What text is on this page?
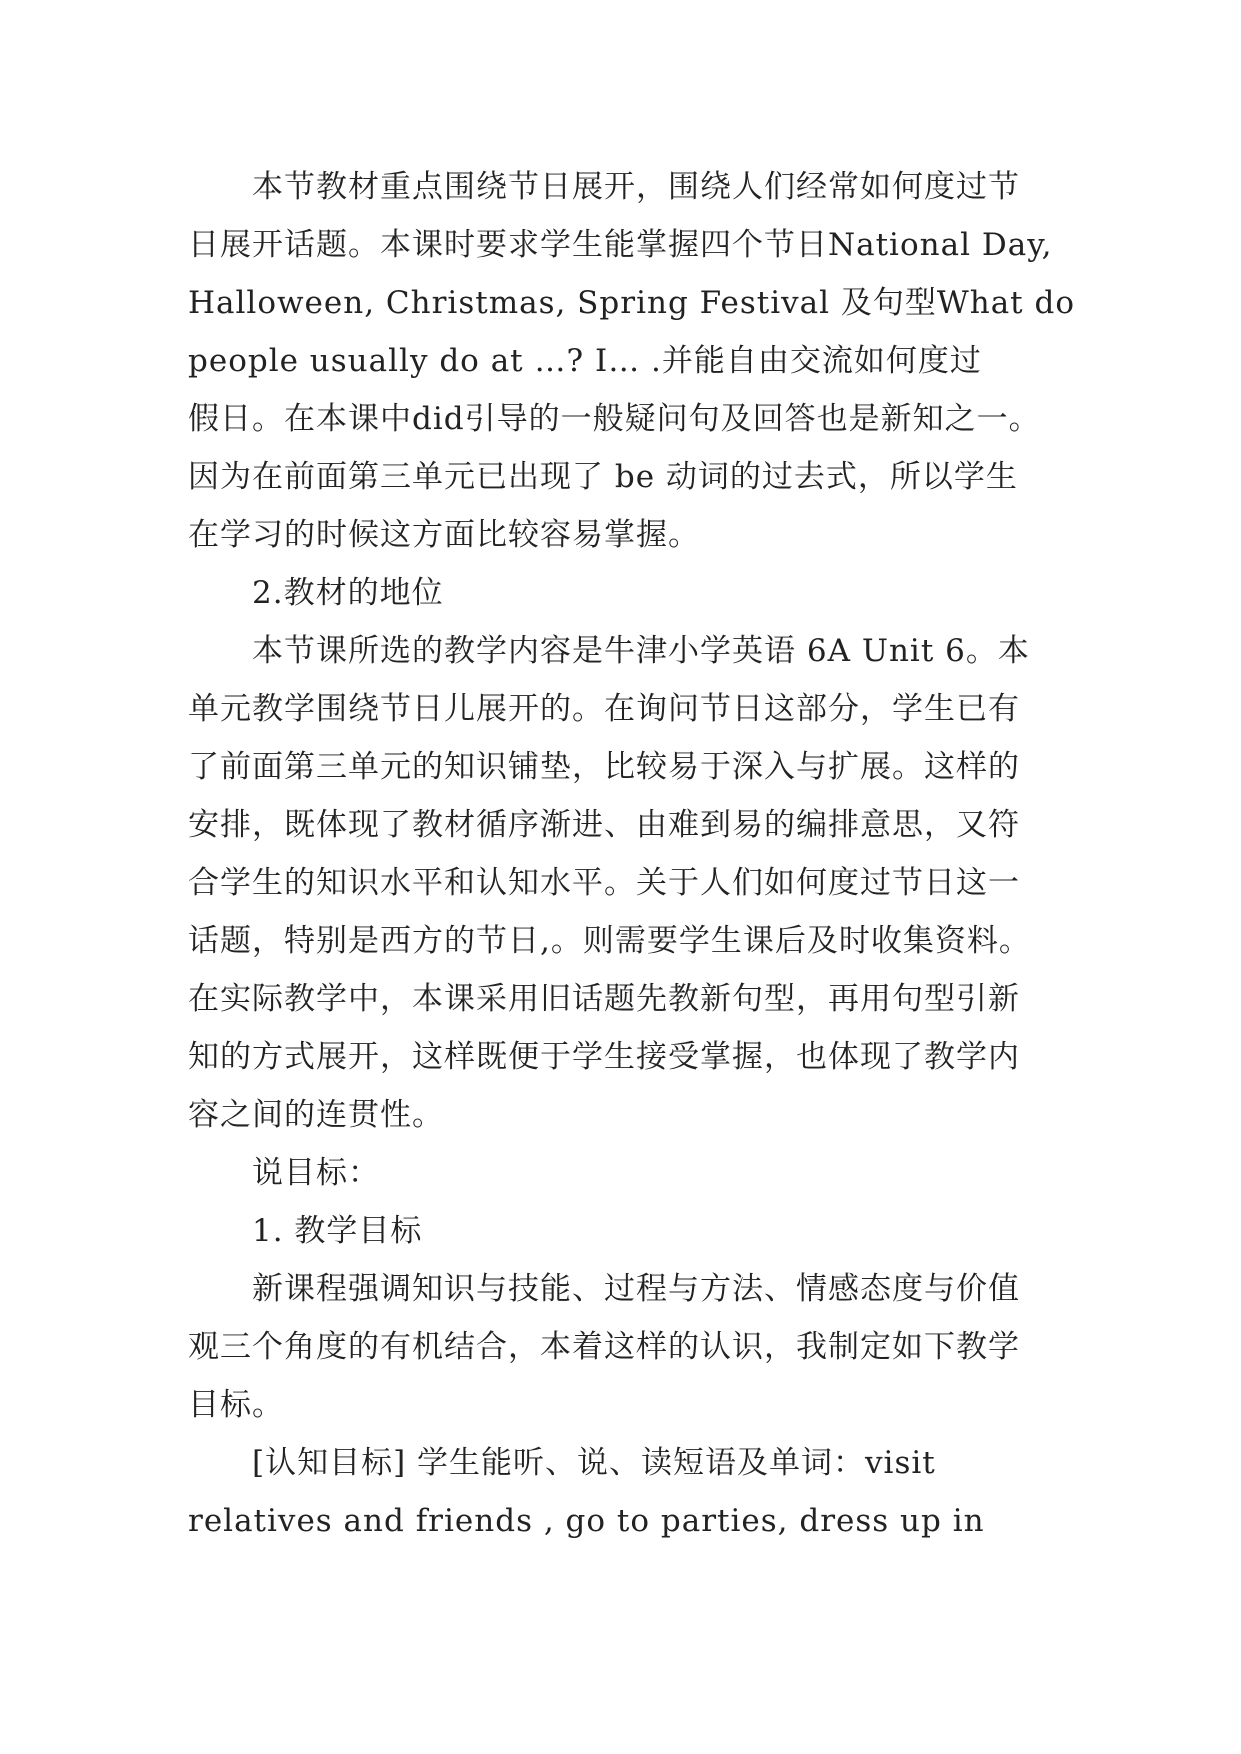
本节教材重点围绕节日展开，围绕人们经常如何度过节
日展开话题。本课时要求学生能掌握四个节日National Day,
Halloween, Christmas, Spring Festival 及句型What do
people usually do at …? I… .并能自由交流如何度过
假日。在本课中did引导的一般疑问句及回答也是新知之一。
因为在前面第三单元已出现了 be 动词的过去式，所以学生
在学习的时候这方面比较容易掌握。
2.教材的地位
本节课所选的教学内容是牛津小学英语 6A Unit 6。本
单元教学围绕节日儿展开的。在询问节日这部分，学生已有
了前面第三单元的知识铺垫，比较易于深入与扩展。这样的
安排，既体现了教材循序渐进、由难到易的编排意思，又符
合学生的知识水平和认知水平。关于人们如何度过节日这一
话题，特别是西方的节日,。则需要学生课后及时收集资料。
在实际教学中，本课采用旧话题先教新句型，再用句型引新
知的方式展开，这样既便于学生接受掌握，也体现了教学内
容之间的连贯性。
说目标：
1. 教学目标
新课程强调知识与技能、过程与方法、情感态度与价值
观三个角度的有机结合，本着这样的认识，我制定如下教学
目标。
[认知目标] 学生能听、说、读短语及单词：visit
relatives and friends , go to parties, dress up in
